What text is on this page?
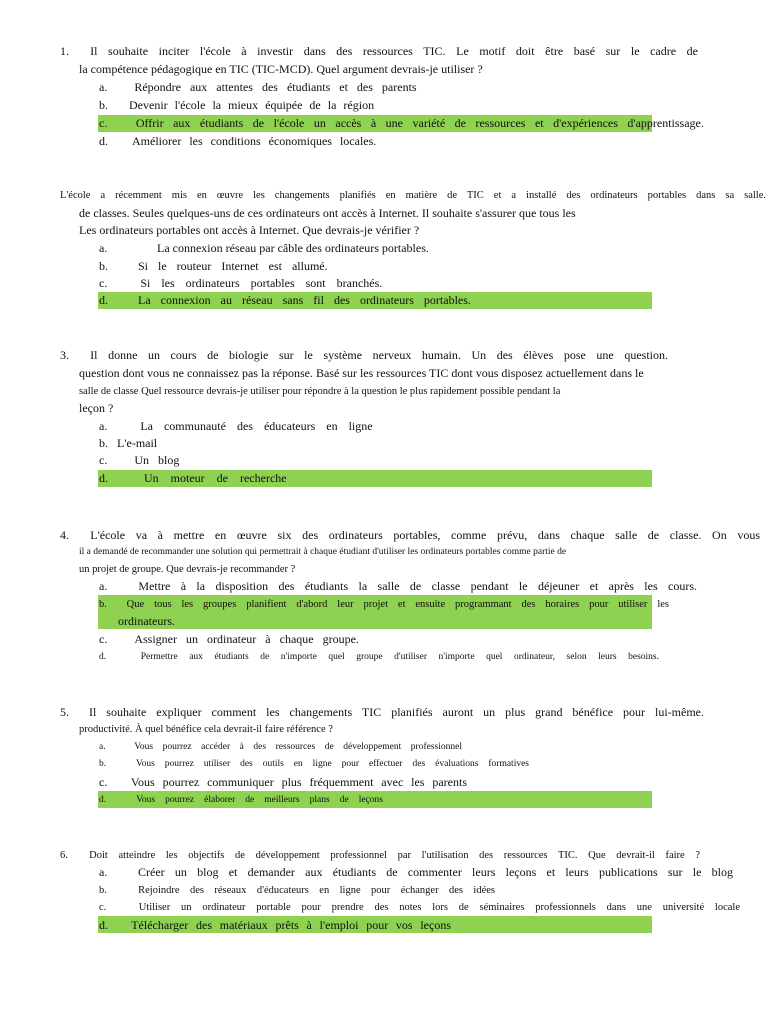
1.  Il souhaite inciter l'école à investir dans des ressources TIC. Le motif doit être basé sur le cadre de
la compétence pédagogique en TIC (TIC-MCD). Quel argument devrais-je utiliser ?
a.   Répondre aux attentes des étudiants et des parents
b.   Devenir l'école la mieux équipée de la région
c.   Offrir aux étudiants de l'école un accès à une variété de ressources et d'expériences d'apprentissage.
d.   Améliorer les conditions économiques locales.
L'école a récemment mis en œuvre les changements planifiés en matière de TIC et a installé des ordinateurs portables dans sa salle.
de classes. Seules quelques-uns de ces ordinateurs ont accès à Internet. Il souhaite s'assurer que tous les
Les ordinateurs portables ont accès à Internet. Que devrais-je vérifier ?
a.	La connexion réseau par câble des ordinateurs portables.
b.   Si le routeur Internet est allumé.
c.   Si les ordinateurs portables sont branchés.
d.   La connexion au réseau sans fil des ordinateurs portables.
3.  Il donne un cours de biologie sur le système nerveux humain. Un des élèves pose une question.
question dont vous ne connaissez pas la réponse. Basé sur les ressources TIC dont vous disposez actuellement dans le
salle de classe Quel ressource devrais-je utiliser pour répondre à la question le plus rapidement possible pendant la
leçon ?
a.   La communauté des éducateurs en ligne
b.   L'e-mail
c.   Un blog
d.   Un moteur de recherche
4.  L'école va à mettre en œuvre six des ordinateurs portables, comme prévu, dans chaque salle de classe. On vous
il a demandé de recommander une solution qui permettrait à chaque étudiant d'utiliser les ordinateurs portables comme partie de
un projet de groupe. Que devrais-je recommander ?
a.   Mettre à la disposition des étudiants la salle de classe pendant le déjeuner et après les cours.
b.  Que tous les groupes planifient d'abord leur projet et ensuite programmant des horaires pour utiliser les
ordinateurs.
c.   Assigner un ordinateur à chaque groupe.
d.   Permettre aux étudiants de n'importe quel groupe d'utiliser n'importe quel ordinateur, selon leurs besoins.
5.  Il souhaite expliquer comment les changements TIC planifiés auront un plus grand bénéfice pour lui-même.
productivité. À quel bénéfice cela devrait-il faire référence ?
a.   Vous pourrez accéder à des ressources de développement professionnel
b.   Vous pourrez utiliser des outils en ligne pour effectuer des évaluations formatives
c.   Vous pourrez communiquer plus fréquemment avec les parents
d.   Vous pourrez élaborer de meilleurs plans de leçons
6.  Doit atteindre les objectifs de développement professionnel par l'utilisation des ressources TIC. Que devrait-il faire ?
a.   Créer un blog et demander aux étudiants de commenter leurs leçons et leurs publications sur le blog
b.   Rejoindre des réseaux d'éducateurs en ligne pour échanger des idées
c.   Utiliser un ordinateur portable pour prendre des notes lors de séminaires professionnels dans une université locale
d.   Télécharger des matériaux prêts à l'emploi pour vos leçons
